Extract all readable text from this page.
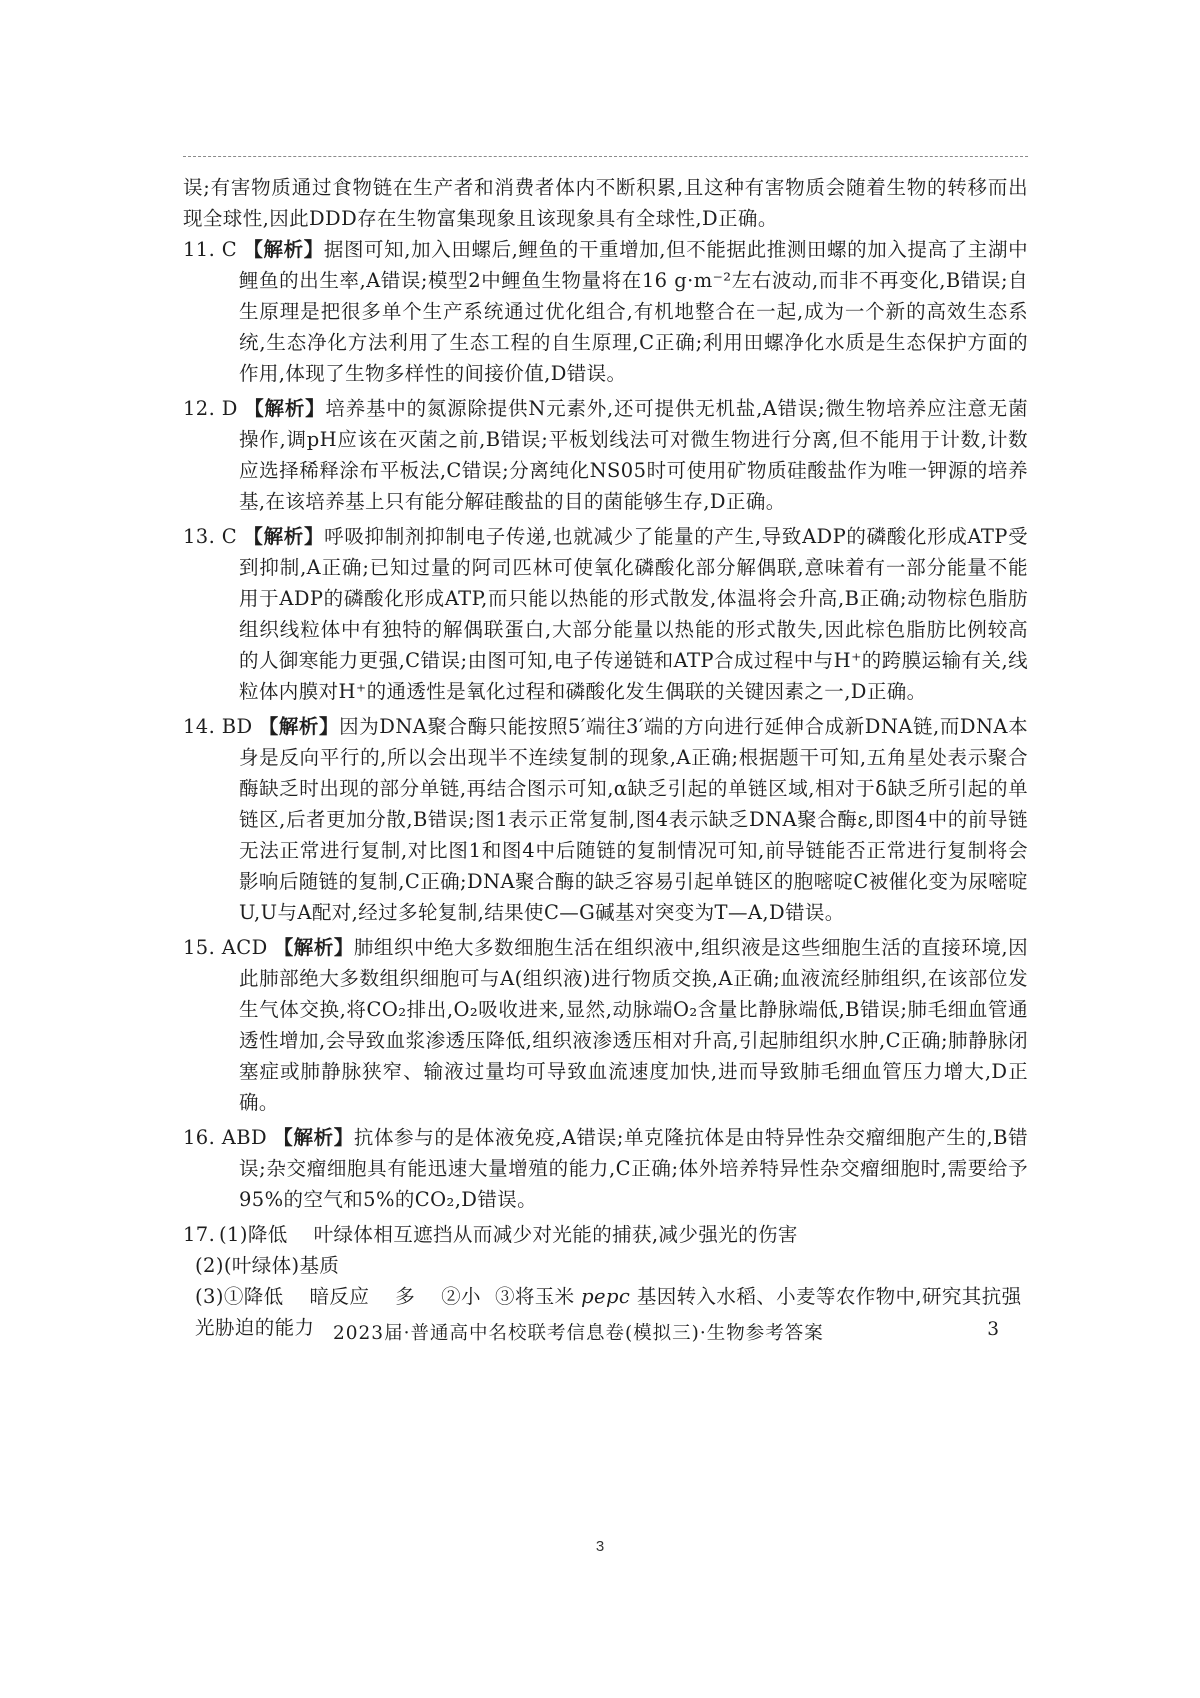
误;有害物质通过食物链在生产者和消费者体内不断积累,且这种有害物质会随着生物的转移而出现全球性,因此DDD存在生物富集现象且该现象具有全球性,D正确。

11. C 【解析】据图可知,加入田螺后,鲤鱼的干重增加,但不能据此推测田螺的加入提高了主湖中鲤鱼的出生率,A错误;模型2中鲤鱼生物量将在16 g·m⁻²左右波动,而非不再变化,B错误;自生原理是把很多单个生产系统通过优化组合,有机地整合在一起,成为一个新的高效生态系统,生态净化方法利用了生态工程的自生原理,C正确;利用田螺净化水质是生态保护方面的作用,体现了生物多样性的间接价值,D错误。

12. D 【解析】培养基中的氮源除提供N元素外,还可提供无机盐,A错误;微生物培养应注意无菌操作,调pH应该在灭菌之前,B错误;平板划线法可对微生物进行分离,但不能用于计数,计数应选择稀释涂布平板法,C错误;分离纯化NS05时可使用矿物质硅酸盐作为唯一钾源的培养基,在该培养基上只有能分解硅酸盐的目的菌能够生存,D正确。

13. C 【解析】呼吸抑制剂抑制电子传递,也就减少了能量的产生,导致ADP的磷酸化形成ATP受到抑制,A正确;已知过量的阿司匹林可使氧化磷酸化部分解偶联,意味着有一部分能量不能用于ADP的磷酸化形成ATP,而只能以热能的形式散发,体温将会升高,B正确;动物棕色脂肪组织线粒体中有独特的解偶联蛋白,大部分能量以热能的形式散失,因此棕色脂肪比例较高的人御寒能力更强,C错误;由图可知,电子传递链和ATP合成过程中与H⁺的跨膜运输有关,线粒体内膜对H⁺的通透性是氧化过程和磷酸化发生偶联的关键因素之一,D正确。

14. BD 【解析】因为DNA聚合酶只能按照5′端往3′端的方向进行延伸合成新DNA链,而DNA本身是反向平行的,所以会出现半不连续复制的现象,A正确;根据题干可知,五角星处表示聚合酶缺乏时出现的部分单链,再结合图示可知,α缺乏引起的单链区域,相对于δ缺乏所引起的单链区,后者更加分散,B错误;图1表示正常复制,图4表示缺乏DNA聚合酶ε,即图4中的前导链无法正常进行复制,对比图1和图4中后随链的复制情况可知,前导链能否正常进行复制将会影响后随链的复制,C正确;DNA聚合酶的缺乏容易引起单链区的胞嘧啶C被催化变为尿嘧啶U,U与A配对,经过多轮复制,结果使C—G碱基对突变为T—A,D错误。

15. ACD 【解析】肺组织中绝大多数细胞生活在组织液中,组织液是这些细胞生活的直接环境,因此肺部绝大多数组织细胞可与A(组织液)进行物质交换,A正确;血液流经肺组织,在该部位发生气体交换,将CO₂排出,O₂吸收进来,显然,动脉端O₂含量比静脉端低,B错误;肺毛细血管通透性增加,会导致血浆渗透压降低,组织液渗透压相对升高,引起肺组织水肿,C正确;肺静脉闭塞症或肺静脉狭窄、输液过量均可导致血流速度加快,进而导致肺毛细血管压力增大,D正确。

16. ABD 【解析】抗体参与的是体液免疫,A错误;单克隆抗体是由特异性杂交瘤细胞产生的,B错误;杂交瘤细胞具有能迅速大量增殖的能力,C正确;体外培养特异性杂交瘤细胞时,需要给予95%的空气和5%的CO₂,D错误。

17. (1)降低 叶绿体相互遮挡从而减少对光能的捕获,减少强光的伤害

(2)(叶绿体)基质

(3)①降低 暗反应 多 ②小 ③将玉米 pepc 基因转入水稻、小麦等农作物中,研究其抗强光胁迫的能力	2023届·普通高中名校联考信息卷(模拟三)·生物参考答案	3
3
